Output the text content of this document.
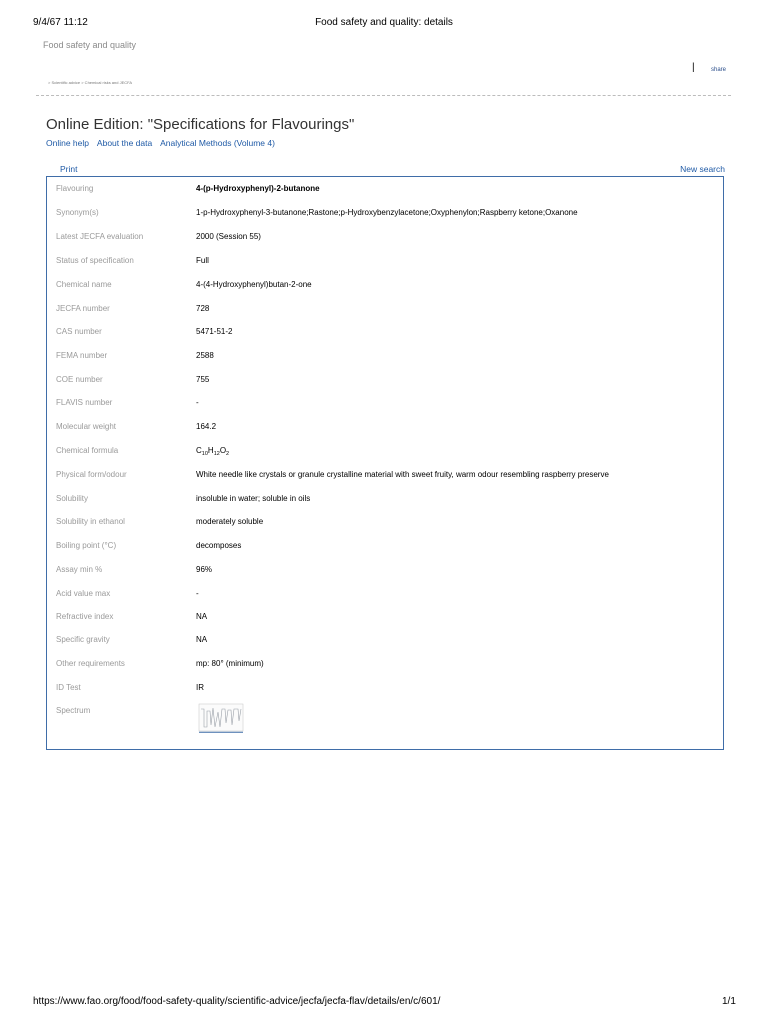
9/4/67 11:12	Food safety and quality: details
Food safety and quality
|	share
> Scientific advice > Chemical risks and JECFA
Online Edition: "Specifications for Flavourings"
Online help About the data Analytical Methods (Volume 4)
Print	New search
Flavouring	4-(p-Hydroxyphenyl)-2-butanone
Synonym(s)	1-p-Hydroxyphenyl-3-butanone;Rastone;p-Hydroxybenzylacetone;Oxyphenylon;Raspberry ketone;Oxanone
Latest JECFA evaluation	2000 (Session 55)
Status of specification	Full
Chemical name	4-(4-Hydroxyphenyl)butan-2-one
JECFA number	728
CAS number	5471-51-2
FEMA number	2588
COE number	755
FLAVIS number	-
Molecular weight	164.2
Chemical formula	$C_{10}H_{12}O_2$
Physical form/odour	White needle like crystals or granule crystalline material with sweet fruity, warm odour resembling raspberry preserve
Solubility	insoluble in water; soluble in oils
Solubility in ethanol	moderately soluble
Boiling point (°C)	decomposes
Assay min %	96%
Acid value max	-
Refractive index	NA
Specific gravity	NA
Other requirements	mp: 80° (minimum)
ID Test	IR
Spectrum
https://www.fao.org/food/food-safety-quality/scientific-advice/jecfa/jecfa-flav/details/en/c/601/	1/1
